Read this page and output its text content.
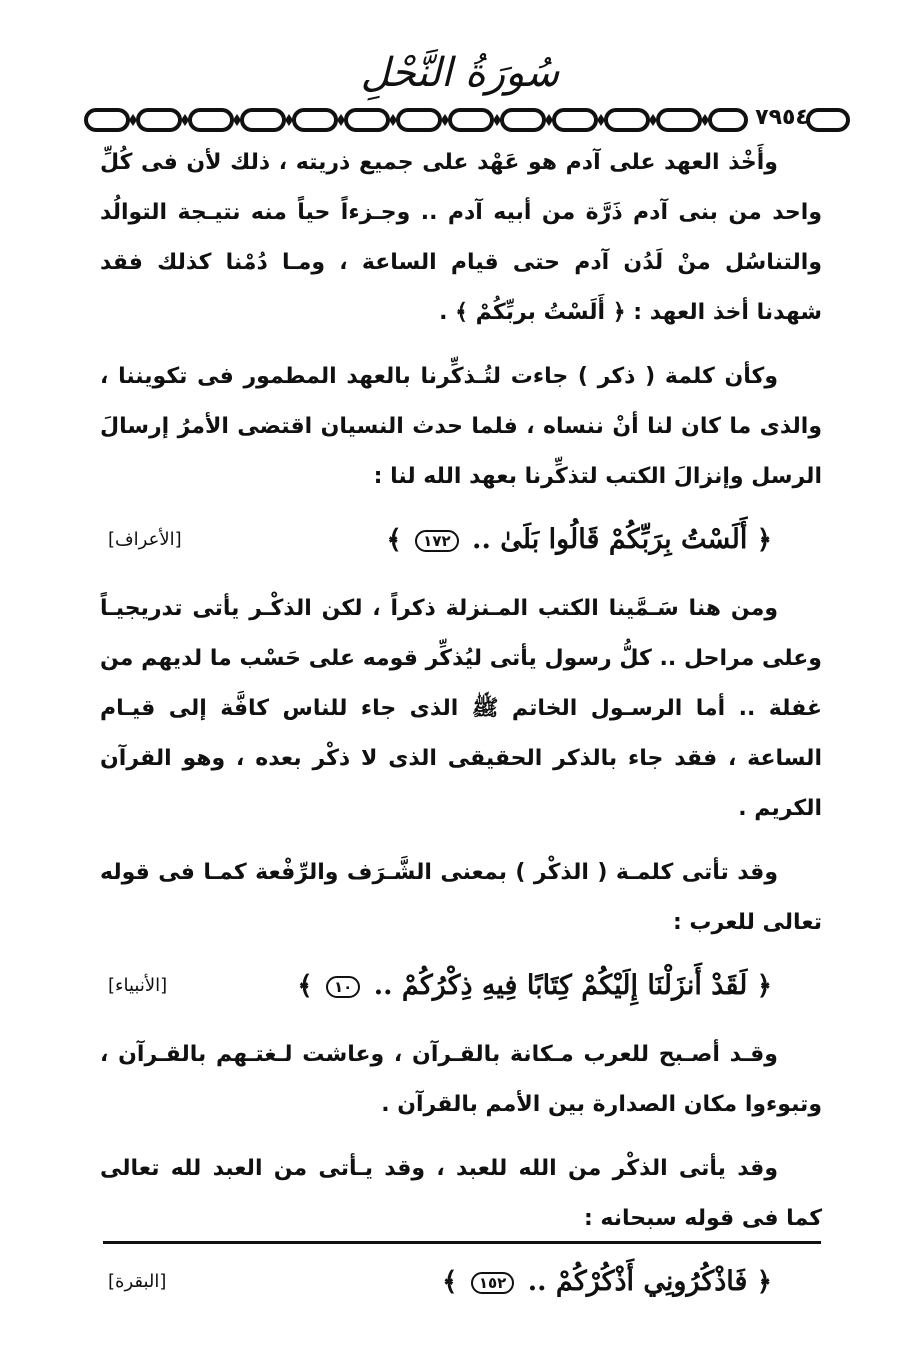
سُورَةُ النَّحْلِ
٧٩٥٤

وأَخْذ العهد على آدم هو عَهْد على جميع ذريته ، ذلك لأن فى كُلِّ واحد من بنى آدم ذَرَّة من أبيه آدم .. وجـزءاً حياً منه نتيـجة التوالُد والتناسُل منْ لَدُن آدم حتى قيام الساعة ، ومـا دُمْنا كذلك فقد شهدنا أخذ العهد : ﴿ أَلَسْتُ بربِّكُمْ ﴾ .

وكأن كلمة ( ذكر ) جاءت لتُـذكِّرنا بالعهد المطمور فى تكويننا ، والذى ما كان لنا أنْ ننساه ، فلما حدث النسيان اقتضى الأمرُ إرسالَ الرسل وإنزالَ الكتب لتذكِّرنا بعهد الله لنا :

﴿ أَلَسْتُ بِرَبِّكُمْ قَالُوا بَلَىٰ .. ١٧٢ ﴾
[الأعراف]

ومن هنا سَـمَّينا الكتب المـنزلة ذكراً ، لكن الذكْـر يأتى تدريجيـاً وعلى مراحل .. كلُّ رسول يأتى ليُذكِّر قومه على حَسْب ما لديهم من غفلة .. أما الرسـول الخاتم ﷺ الذى جاء للناس كافَّة إلى قيـام الساعة ، فقد جاء بالذكر الحقيقى الذى لا ذكْر بعده ، وهو القرآن الكريم .

وقد تأتى كلمـة ( الذكْر ) بمعنى الشَّـرَف والرِّفْعة كمـا فى قوله تعالى للعرب :

﴿ لَقَدْ أَنزَلْنَا إِلَيْكُمْ كِتَابًا فِيهِ ذِكْرُكُمْ .. ١٠ ﴾
[الأنبياء]

وقـد أصـبح للعرب مـكانة بالقـرآن ، وعاشت لـغتـهم بالقـرآن ، وتبوءوا مكان الصدارة بين الأمم بالقرآن .

وقد يأتى الذكْر من الله للعبد ، وقد يـأتى من العبد لله تعالى كما فى قوله سبحانه :

﴿ فَاذْكُرُونِي أَذْكُرْكُمْ .. ١٥٢ ﴾
[البقرة]
